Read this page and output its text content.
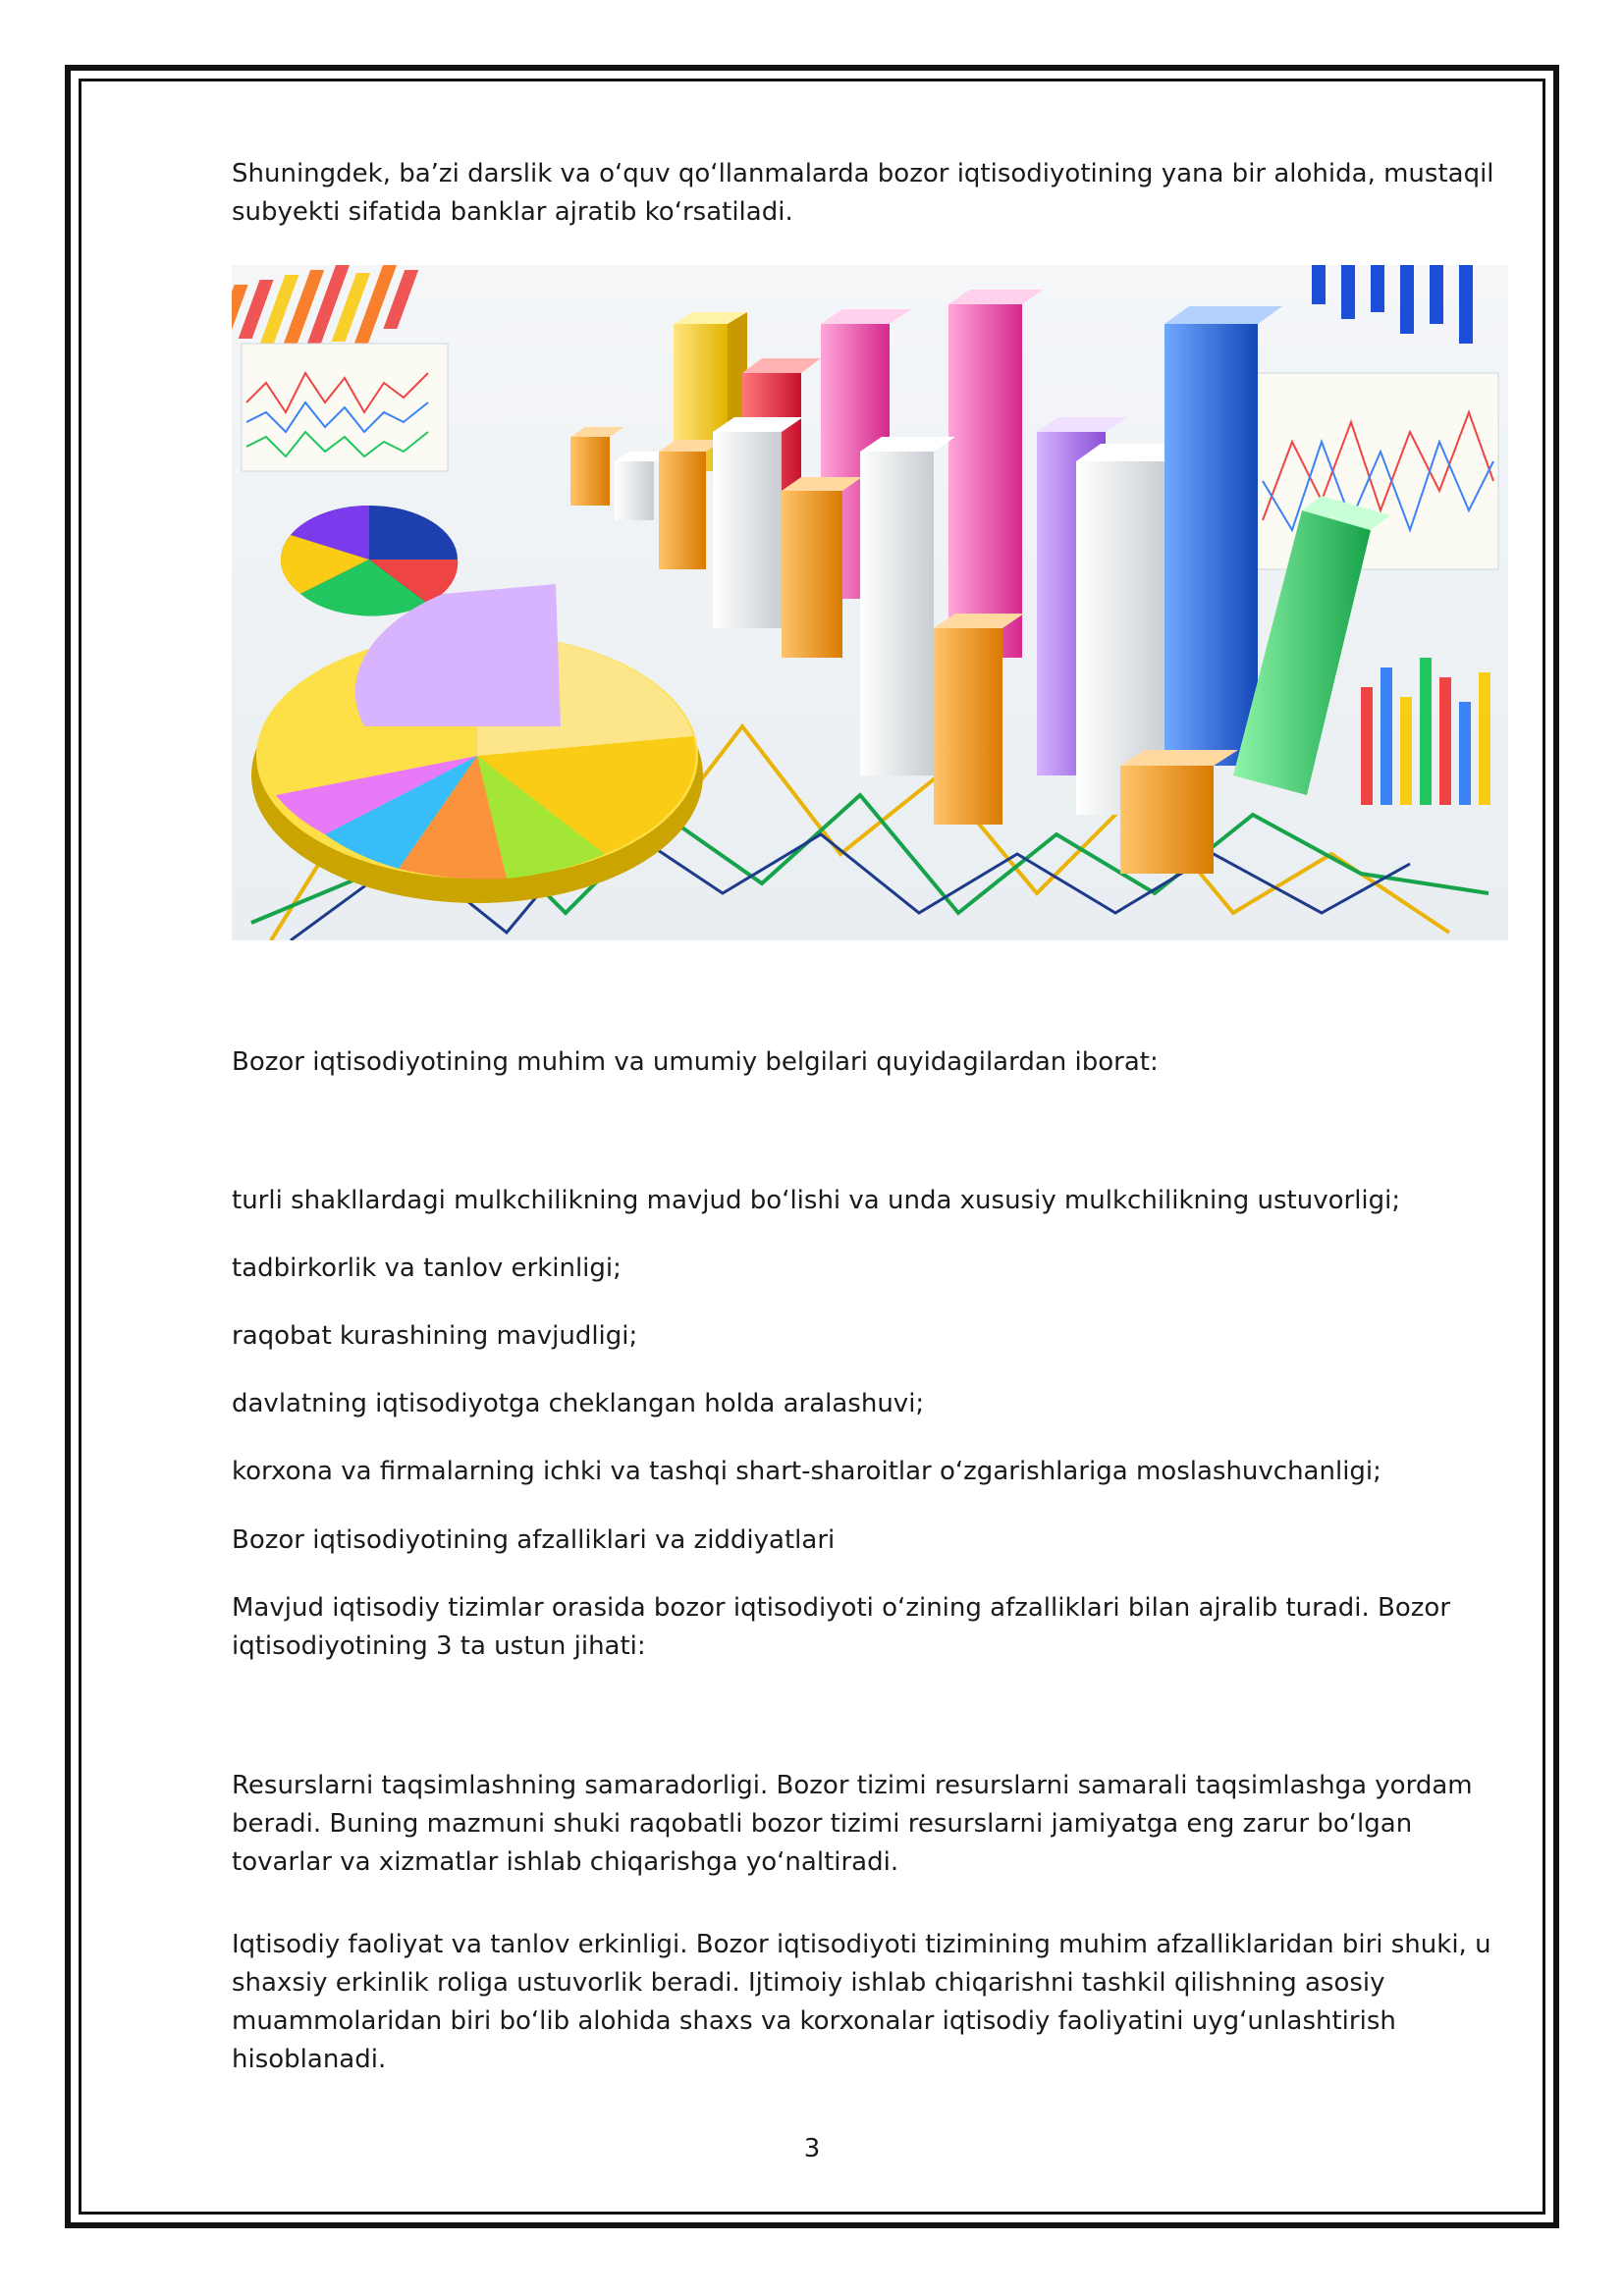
Shuningdek, ba’zi darslik va o‘quv qo‘llanmalarda bozor iqtisodiyotining yana bir alohida, mustaqil subyekti sifatida banklar ajratib ko‘rsatiladi.

Bozor iqtisodiyotining muhim va umumiy belgilari quyidagilardan iborat:

turli shakllardagi mulkchilikning mavjud bo‘lishi va unda xususiy mulkchilikning ustuvorligi;

tadbirkorlik va tanlov erkinligi;

raqobat kurashining mavjudligi;

davlatning iqtisodiyotga cheklangan holda aralashuvi;

korxona va firmalarning ichki va tashqi shart-sharoitlar o‘zgarishlariga moslashuvchanligi;

Bozor iqtisodiyotining afzalliklari va ziddiyatlari

Mavjud iqtisodiy tizimlar orasida bozor iqtisodiyoti o‘zining afzalliklari bilan ajralib turadi. Bozor iqtisodiyotining 3 ta ustun jihati:

Resurslarni taqsimlashning samaradorligi. Bozor tizimi resurslarni samarali taqsimlashga yordam beradi. Buning mazmuni shuki raqobatli bozor tizimi resurslarni jamiyatga eng zarur bo‘lgan tovarlar va xizmatlar ishlab chiqarishga yo‘naltiradi.

Iqtisodiy faoliyat va tanlov erkinligi. Bozor iqtisodiyoti tizimining muhim afzalliklaridan biri shuki, u shaxsiy erkinlik roliga ustuvorlik beradi. Ijtimoiy ishlab chiqarishni tashkil qilishning asosiy muammolaridan biri bo‘lib alohida shaxs va korxonalar iqtisodiy faoliyatini uyg‘unlashtirish hisoblanadi.

3
